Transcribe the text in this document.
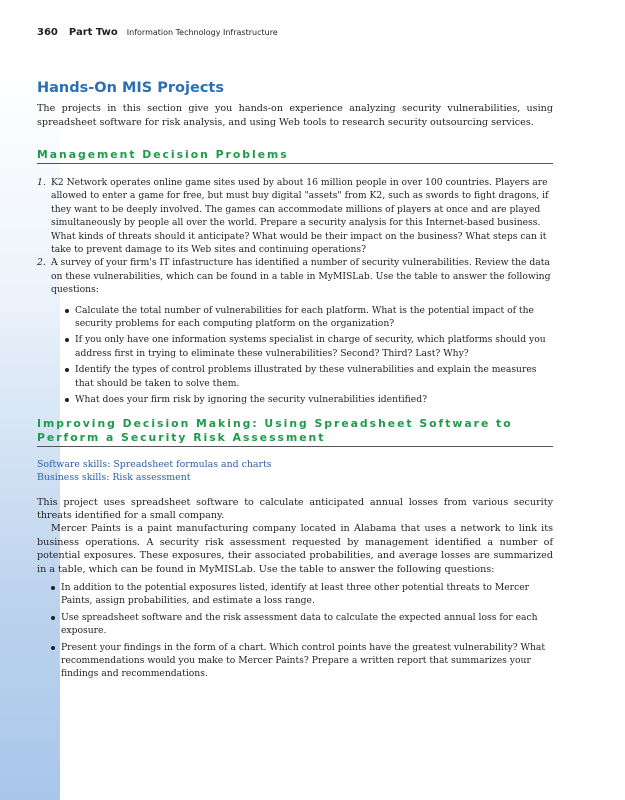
360 Part Two Information Technology Infrastructure
Hands-On MIS Projects

The projects in this section give you hands-on experience analyzing security vulnerabilities, using spreadsheet software for risk analysis, and using Web tools to research security outsourcing services.

Management Decision Problems
1. K2 Network operates online game sites used by about 16 million people in over 100 countries. Players are allowed to enter a game for free, but must buy digital "assets" from K2, such as swords to fight dragons, if they want to be deeply involved. The games can accommodate millions of players at once and are played simultaneously by people all over the world. Prepare a security analysis for this Internet-based business. What kinds of threats should it anticipate? What would be their impact on the business? What steps can it take to prevent damage to its Web sites and continuing operations?
2. A survey of your firm's IT infastructure has identified a number of security vulnerabilities. Review the data on these vulnerabilities, which can be found in a table in MyMISLab. Use the table to answer the following questions:
Calculate the total number of vulnerabilities for each platform. What is the potential impact of the security problems for each computing platform on the organization?
If you only have one information systems specialist in charge of security, which platforms should you address first in trying to eliminate these vulnerabilities? Second? Third? Last? Why?
Identify the types of control problems illustrated by these vulnerabilities and explain the measures that should be taken to solve them.
What does your firm risk by ignoring the security vulnerabilities identified?
Improving Decision Making: Using Spreadsheet Software to Perform a Security Risk Assessment
Software skills: Spreadsheet formulas and charts
Business skills: Risk assessment

This project uses spreadsheet software to calculate anticipated annual losses from various security threats identified for a small company.

Mercer Paints is a paint manufacturing company located in Alabama that uses a network to link its business operations. A security risk assessment requested by management identified a number of potential exposures. These exposures, their associated probabilities, and average losses are summarized in a table, which can be found in MyMISLab. Use the table to answer the following questions:

In addition to the potential exposures listed, identify at least three other potential threats to Mercer Paints, assign probabilities, and estimate a loss range.
Use spreadsheet software and the risk assessment data to calculate the expected annual loss for each exposure.
Present your findings in the form of a chart. Which control points have the greatest vulnerability? What recommendations would you make to Mercer Paints? Prepare a written report that summarizes your findings and recommendations.
